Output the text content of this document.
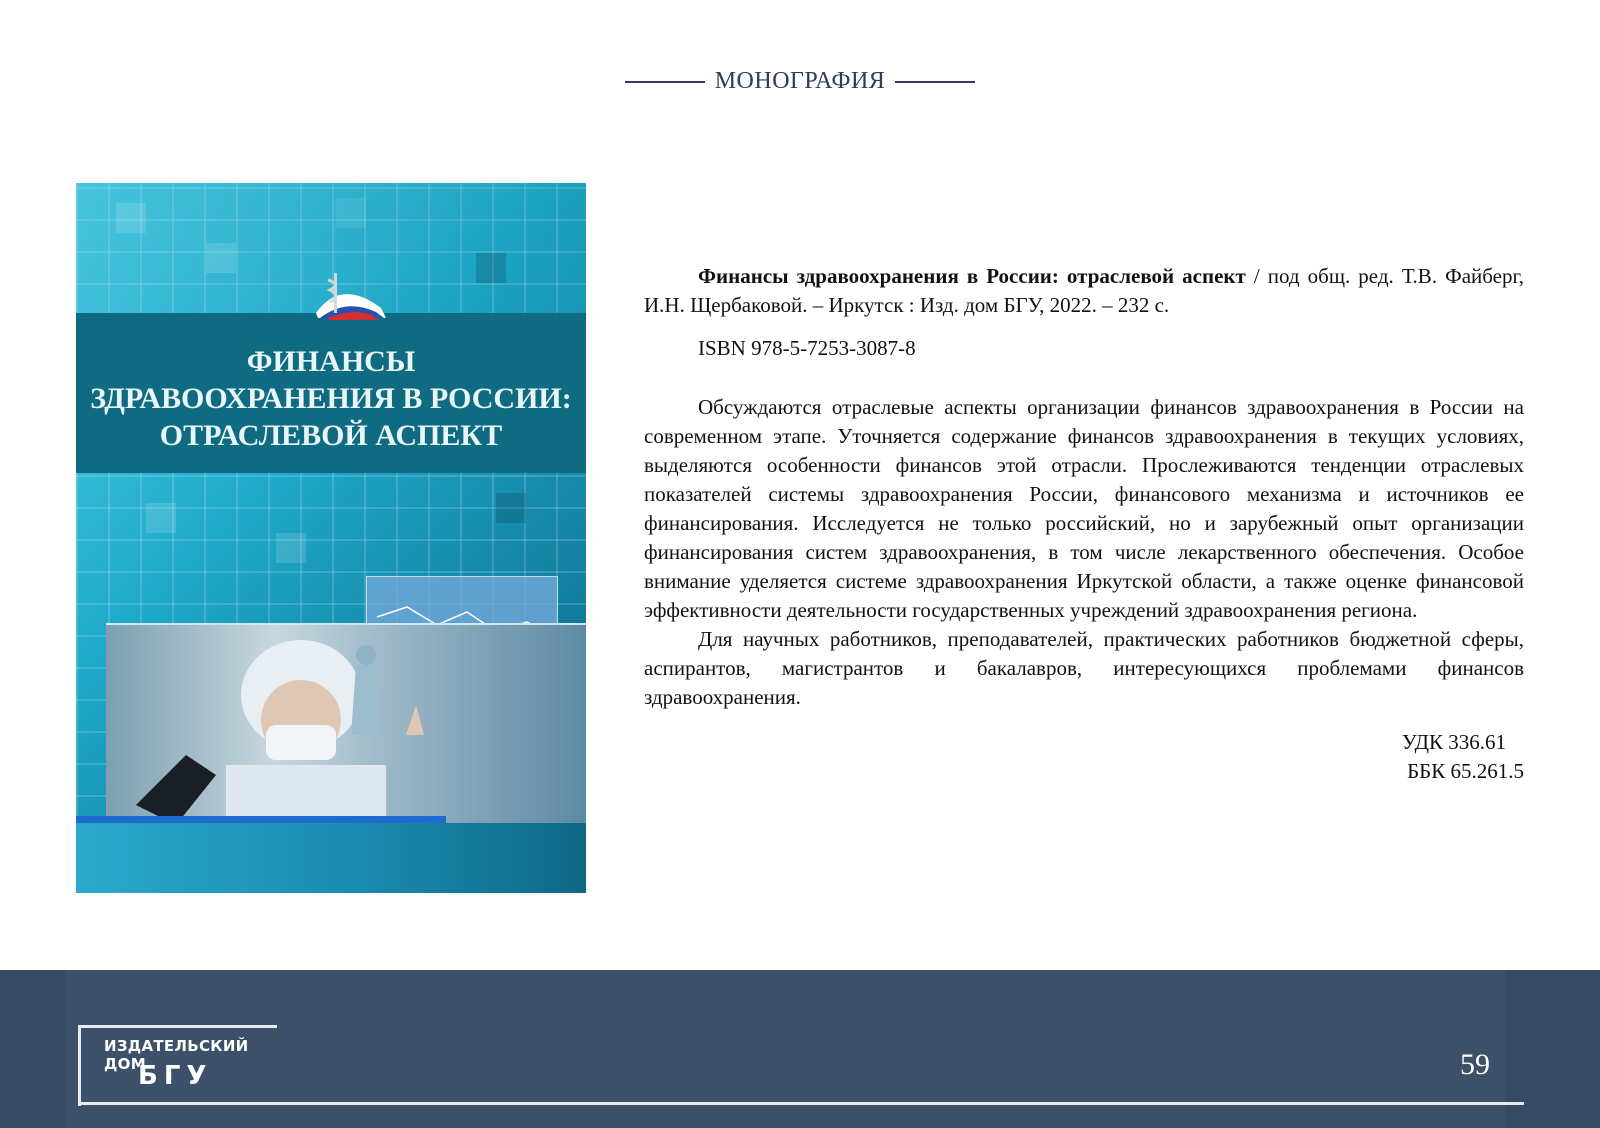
МОНОГРАФИЯ
ФИНАНСЫ
ЗДРАВООХРАНЕНИЯ В РОССИИ:
ОТРАСЛЕВОЙ АСПЕКТ

Финансы здравоохранения в России: отраслевой аспект / под общ. ред. Т.В. Файберг, И.Н. Щербаковой. – Иркутск : Изд. дом БГУ, 2022. – 232 с.

ISBN 978-5-7253-3087-8

Обсуждаются отраслевые аспекты организации финансов здравоохранения в России на современном этапе. Уточняется содержание финансов здравоохранения в текущих условиях, выделяются особенности финансов этой отрасли. Прослеживаются тенденции отраслевых показателей системы здравоохранения России, финансового механизма и источников ее финансирования. Исследуется не только российский, но и зарубежный опыт организации финансирования систем здравоохранения, в том числе лекарственного обеспечения. Особое внимание уделяется системе здравоохранения Иркутской области, а также оценке финансовой эффективности деятельности государственных учреждений здравоохранения региона.

Для научных работников, преподавателей, практических работников бюджетной сферы, аспирантов, магистрантов и бакалавров, интересующихся проблемами финансов здравоохранения.

УДК 336.61
ББК 65.261.5
ИЗДАТЕЛЬСКИЙ ДОМ
БГУ	59
